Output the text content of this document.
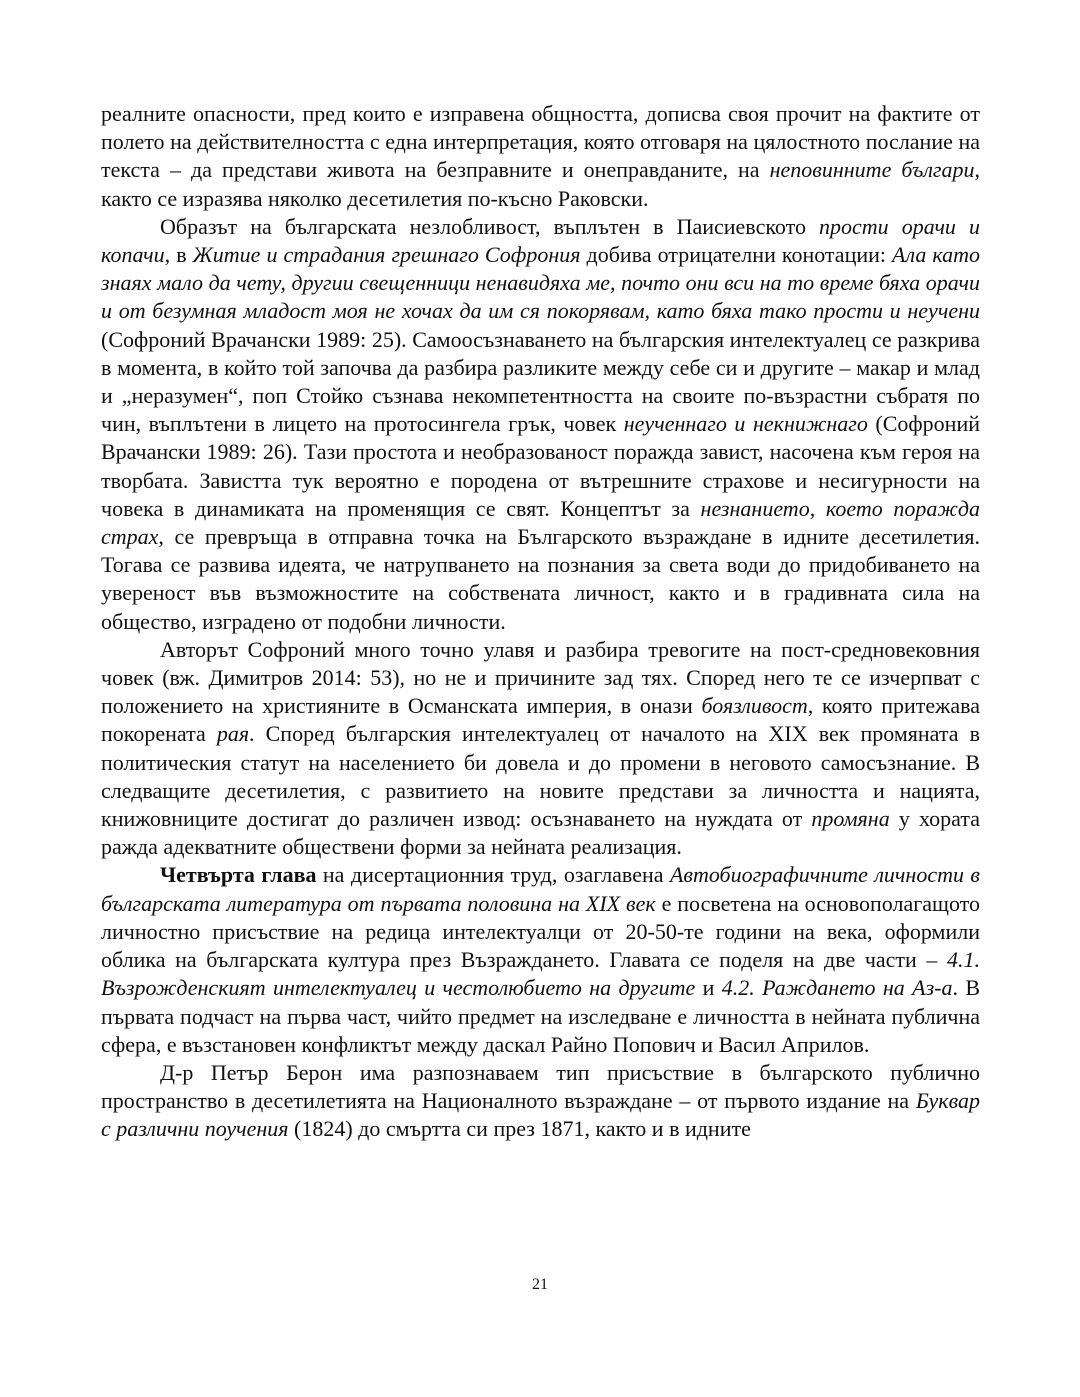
реалните опасности, пред които е изправена общността, дописва своя прочит на фактите от полето на действителността с една интерпретация, която отговаря на цялостното послание на текста – да представи живота на безправните и онеправданите, на неповинните българи, както се изразява няколко десетилетия по-късно Раковски.

Образът на българската незлобливост, въплътен в Паисиевското прости орачи и копачи, в Житие и страдания грешнаго Софрония добива отрицателни конотации: Ала като знаях мало да чету, другии свещенници ненавидяха ме, почто они вси на то време бяха орачи и от безумная младост моя не хочах да им ся покорявам, като бяха тако прости и неучени (Софроний Врачански 1989: 25). Самоосъзнаването на българския интелектуалец се разкрива в момента, в който той започва да разбира разликите между себе си и другите – макар и млад и „неразумен“, поп Стойко съзнава некомпетентността на своите по-възрастни събратя по чин, въплътени в лицето на протосингела грък, човек неученнаго и некнижнаго (Софроний Врачански 1989: 26). Тази простота и необразованост поражда завист, насочена към героя на творбата. Завистта тук вероятно е породена от вътрешните страхове и несигурности на човека в динамиката на променящия се свят. Концептът за незнанието, което поражда страх, се превръща в отправна точка на Българското възраждане в идните десетилетия. Тогава се развива идеята, че натрупването на познания за света води до придобиването на увереност във възможностите на собствената личност, както и в градивната сила на общество, изградено от подобни личности.

Авторът Софроний много точно улавя и разбира тревогите на пост-средновековния човек (вж. Димитров 2014: 53), но не и причините зад тях. Според него те се изчерпват с положението на християните в Османската империя, в онази боязливост, която притежава покорената рая. Според българския интелектуалец от началото на XIX век промяната в политическия статут на населението би довела и до промени в неговото самосъзнание. В следващите десетилетия, с развитието на новите представи за личността и нацията, книжовниците достигат до различен извод: осъзнаването на нуждата от промяна у хората ражда адекватните обществени форми за нейната реализация.

Четвърта глава на дисертационния труд, озаглавена Автобиографичните личности в българската литература от първата половина на XIX век е посветена на основополагащото личностно присъствие на редица интелектуалци от 20-50-те години на века, оформили облика на българската култура през Възраждането. Главата се поделя на две части – 4.1. Възрожденският интелектуалец и честолюбието на другите и 4.2. Раждането на Аз-а. В първата подчаст на първа част, чийто предмет на изследване е личността в нейната публична сфера, е възстановен конфликтът между даскал Райно Попович и Васил Априлов.

Д-р Петър Берон има разпознаваем тип присъствие в българското публично пространство в десетилетията на Националното възраждане – от първото издание на Буквар с различни поучения (1824) до смъртта си през 1871, както и в идните

21
